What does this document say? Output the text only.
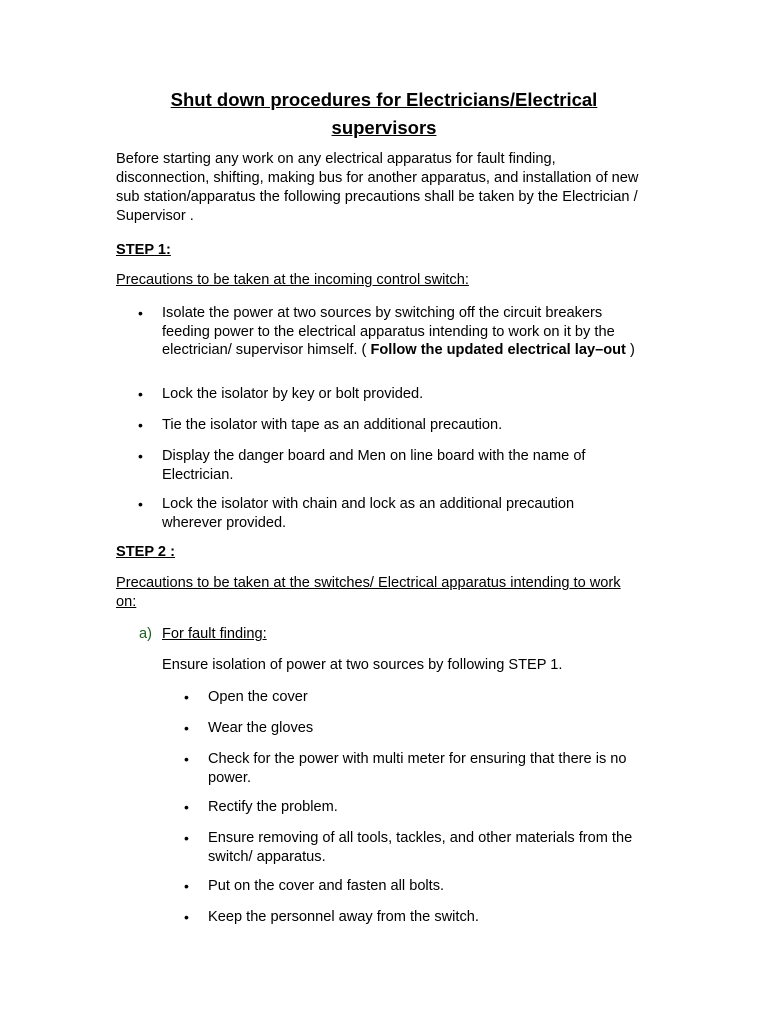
Shut down procedures for Electricians/Electrical supervisors
Before starting any work on any electrical apparatus for fault finding, disconnection, shifting, making bus for another apparatus, and installation of new sub station/apparatus the following precautions shall be taken by the Electrician / Supervisor .
STEP 1:
Precautions to be taken at the incoming control switch:
• Isolate the power at two sources by switching off the circuit breakers feeding power to the electrical apparatus intending to work on it by the electrician/ supervisor himself. ( Follow the updated electrical lay–out )
• Lock the isolator by key or bolt provided.
• Tie the isolator with tape as an additional precaution.
• Display the danger board and Men on line board with the name of Electrician.
• Lock the isolator with chain and lock as an additional precaution wherever provided.
STEP 2 :
Precautions to be taken at the switches/ Electrical apparatus intending to work on:
a) For fault finding:
Ensure isolation of power at two sources by following STEP 1.
• Open the cover
• Wear the gloves
• Check for the power with multi meter for ensuring that there is no power.
• Rectify the problem.
• Ensure removing of all tools, tackles, and other materials from the switch/ apparatus.
• Put on the cover and fasten all bolts.
• Keep the personnel away from the switch.
